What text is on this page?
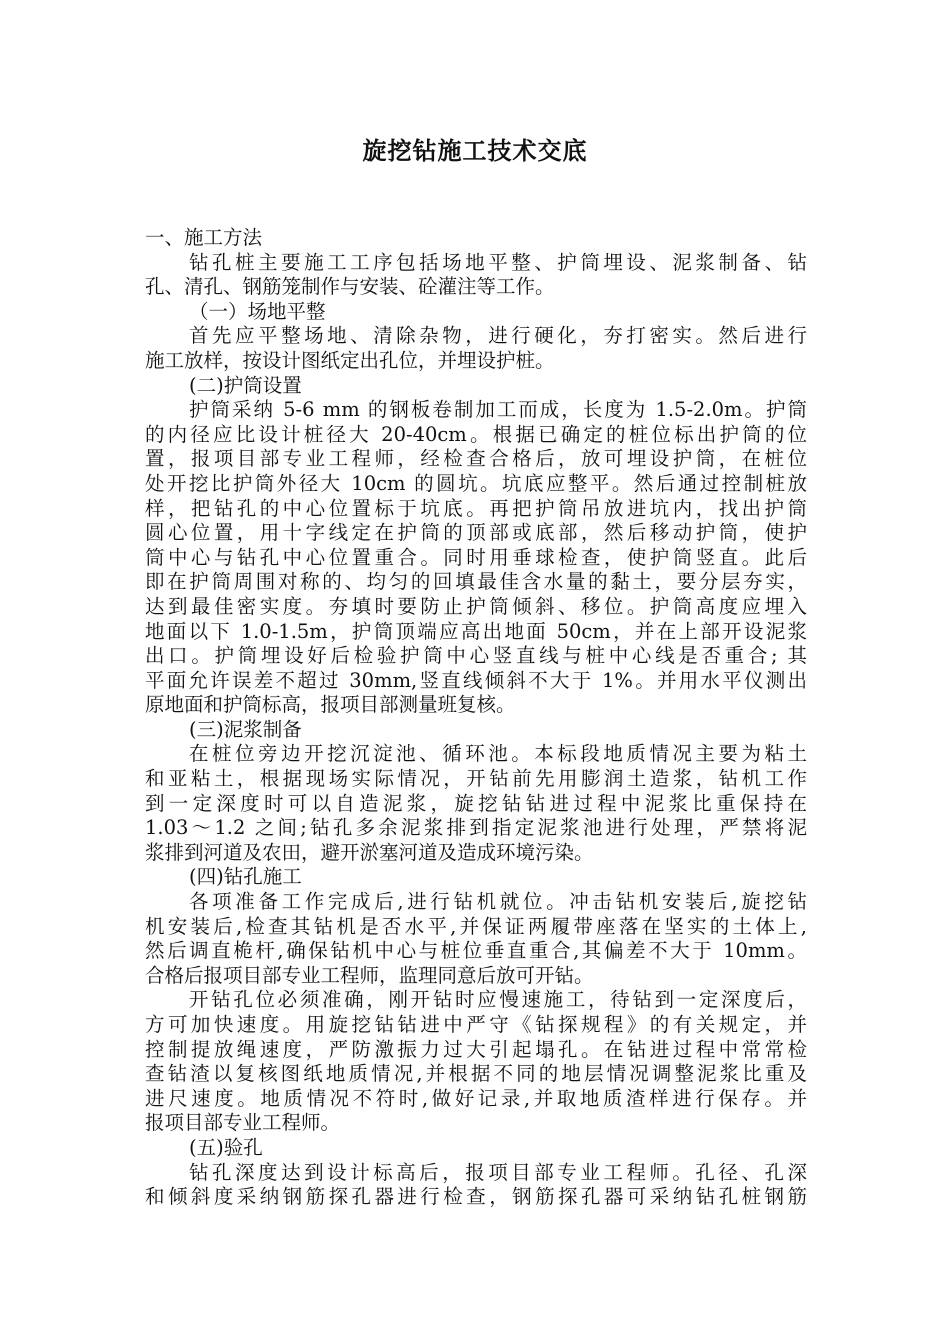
旋挖钻施工技术交底
一、施工方法
钻孔桩主要施工工序包括场地平整、护筒埋设、泥浆制备、钻
孔、清孔、钢筋笼制作与安装、砼灌注等工作。
（一）场地平整
首先应平整场地、清除杂物，进行硬化，夯打密实。然后进行
施工放样，按设计图纸定出孔位，并埋设护桩。
(二)护筒设置
护筒采纳 5-6 mm 的钢板卷制加工而成，长度为 1.5-2.0m。护筒
的内径应比设计桩径大 20-40cm。根据已确定的桩位标出护筒的位
置，报项目部专业工程师，经检查合格后，放可埋设护筒，在桩位
处开挖比护筒外径大 10cm 的圆坑。坑底应整平。然后通过控制桩放
样，把钻孔的中心位置标于坑底。再把护筒吊放进坑内，找出护筒
圆心位置，用十字线定在护筒的顶部或底部，然后移动护筒，使护
筒中心与钻孔中心位置重合。同时用垂球检查，使护筒竖直。此后
即在护筒周围对称的、均匀的回填最佳含水量的黏土，要分层夯实，
达到最佳密实度。夯填时要防止护筒倾斜、移位。护筒高度应埋入
地面以下 1.0-1.5m，护筒顶端应高出地面 50cm，并在上部开设泥浆
出口。护筒埋设好后检验护筒中心竖直线与桩中心线是否重合; 其
平面允许误差不超过 30mm,竖直线倾斜不大于 1%。并用水平仪测出
原地面和护筒标高，报项目部测量班复核。
(三)泥浆制备
在桩位旁边开挖沉淀池、循环池。本标段地质情况主要为粘土
和亚粘土，根据现场实际情况，开钻前先用膨润土造浆，钻机工作
到一定深度时可以自造泥浆，旋挖钻钻进过程中泥浆比重保持在
1.03～1.2 之间;钻孔多余泥浆排到指定泥浆池进行处理，严禁将泥
浆排到河道及农田，避开淤塞河道及造成环境污染。
(四)钻孔施工
各项准备工作完成后,进行钻机就位。冲击钻机安装后,旋挖钻
机安装后,检查其钻机是否水平,并保证两履带座落在坚实的土体上,
然后调直桅杆,确保钻机中心与桩位垂直重合,其偏差不大于 10mm。
合格后报项目部专业工程师，监理同意后放可开钻。
开钻孔位必须准确，刚开钻时应慢速施工，待钻到一定深度后，
方可加快速度。用旋挖钻钻进中严守《钻探规程》的有关规定，并
控制提放绳速度，严防激振力过大引起塌孔。在钻进过程中常常检
查钻渣以复核图纸地质情况,并根据不同的地层情况调整泥浆比重及
进尺速度。地质情况不符时,做好记录,并取地质渣样进行保存。并
报项目部专业工程师。
(五)验孔
钻孔深度达到设计标高后，报项目部专业工程师。孔径、孔深
和倾斜度采纳钢筋探孔器进行检查，钢筋探孔器可采纳钻孔桩钢筋
